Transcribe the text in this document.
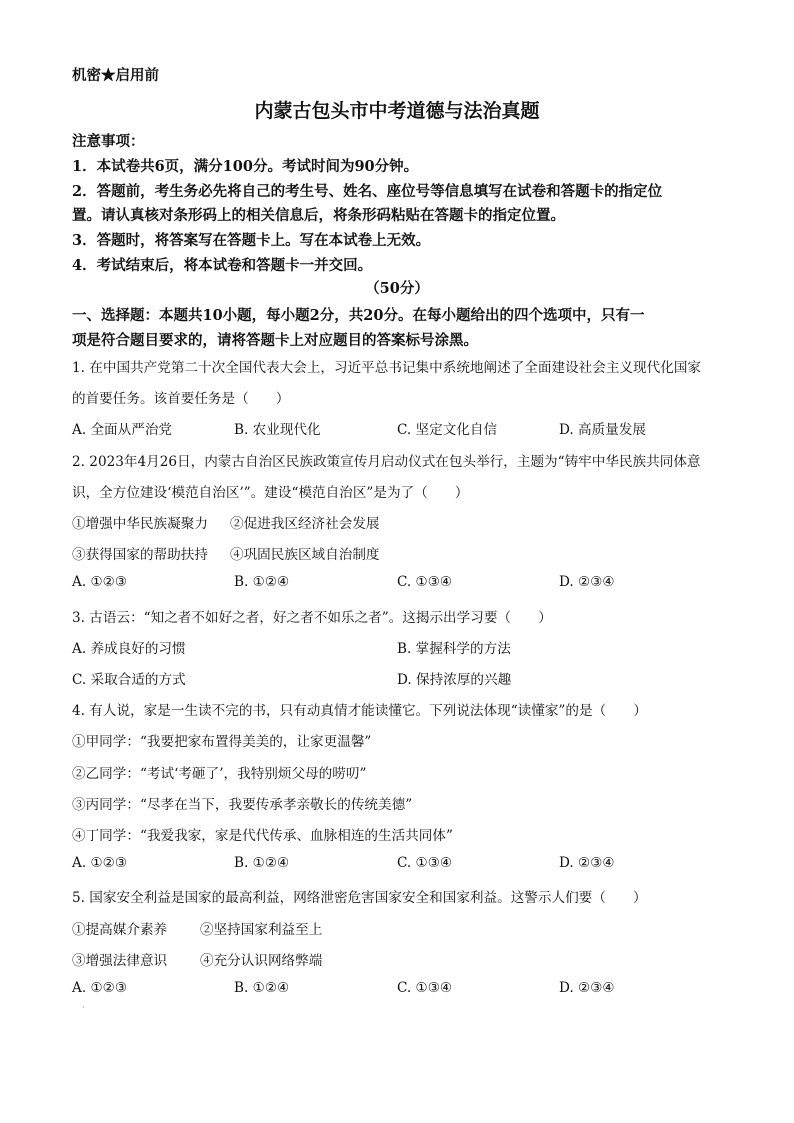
机密★启用前
内蒙古包头市中考道德与法治真题
注意事项：
1．本试卷共6页，满分100分。考试时间为90分钟。
2．答题前，考生务必先将自己的考生号、姓名、座位号等信息填写在试卷和答题卡的指定位
置。请认真核对条形码上的相关信息后，将条形码粘贴在答题卡的指定位置。
3．答题时，将答案写在答题卡上。写在本试卷上无效。
4．考试结束后，将本试卷和答题卡一并交回。
（50分）
一、选择题：本题共10小题，每小题2分，共20分。在每小题给出的四个选项中，只有一
项是符合题目要求的，请将答题卡上对应题目的答案标号涂黑。
1. 在中国共产党第二十次全国代表大会上，习近平总书记集中系统地阐述了全面建设社会主义现代化国家
的首要任务。该首要任务是（　　）
A. 全面从严治党	B. 农业现代化	C. 坚定文化自信	D. 高质量发展
2. 2023年4月26日，内蒙古自治区民族政策宣传月启动仪式在包头举行，主题为“铸牢中华民族共同体意
识，全方位建设‘模范自治区’”。建设“模范自治区”是为了（　　）
①增强中华民族凝聚力 ②促进我区经济社会发展
③获得国家的帮助扶持 ④巩固民族区域自治制度
A. ①②③	B. ①②④	C. ①③④	D. ②③④
3. 古语云：“知之者不如好之者，好之者不如乐之者”。这揭示出学习要（　　）
A. 养成良好的习惯	B. 掌握科学的方法
C. 采取合适的方式	D. 保持浓厚的兴趣
4. 有人说，家是一生读不完的书，只有动真情才能读懂它。下列说法体现“读懂家”的是（　　）
①甲同学：“我要把家布置得美美的，让家更温馨”
②乙同学：“考试‘考砸了’，我特别烦父母的唠叨”
③丙同学：“尽孝在当下，我要传承孝亲敬长的传统美德”
④丁同学：“我爱我家，家是代代传承、血脉相连的生活共同体”
A. ①②③	B. ①②④	C. ①③④	D. ②③④
5. 国家安全利益是国家的最高利益，网络泄密危害国家安全和国家利益。这警示人们要（　　）
①提高媒介素养 ②坚持国家利益至上
③增强法律意识 ④充分认识网络弊端
A. ①②③	B. ①②④	C. ①③④	D. ②③④
·
